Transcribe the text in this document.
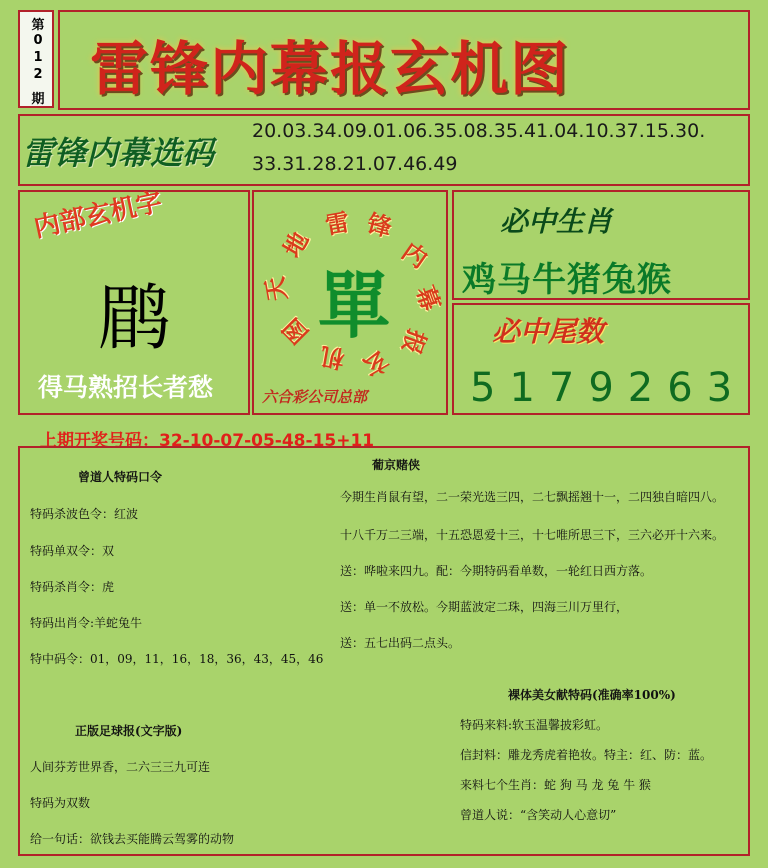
第
0
1
2
期 雷锋内幕报玄机图
雷锋内幕选码
20.03.34.09.01.06.35.08.35.41.04.10.37.15.30.
33.31.28.21.07.46.49
内部玄机字
鹛
得马熟招长者愁
雷 锋
内
幕
报
玄
机
图
天
地
單
六合彩公司总部
必中生肖
鸡马牛猪兔猴
必中尾数
5179263
上期开奖号码：32-10-07-05-48-15+11
曾道人特码口令
特码杀波色令：红波
特码单双令：双
特码杀肖令：虎
特码出肖令:羊蛇兔牛
特中码令：01，09，11，16，18，36，43，45，46
正版足球报(文字版)
人间芬芳世界香，二六三三九可连
特码为双数
给一句话：欲钱去买能腾云驾雾的动物
葡京赌侠
今期生肖鼠有望，二一荣光选三四，二七飘摇翘十一，二四独自暗四八。
十八千万二三端，十五恐恩爱十三，十七唯所思三下，三六必开十六来。
送：哗啦来四九。配：今期特码看单数，一轮红日西方落。
送：单一不放松。今期蓝波定二珠，四海三川万里行，
送：五七出码二点头。
裸体美女献特码(准确率100%)
特码来料:软玉温馨披彩虹。
信封料：雕龙秀虎着艳妆。特主：红、防：蓝。
来料七个生肖：蛇 狗 马 龙 兔 牛 猴
曾道人说：“含笑动人心意切”
